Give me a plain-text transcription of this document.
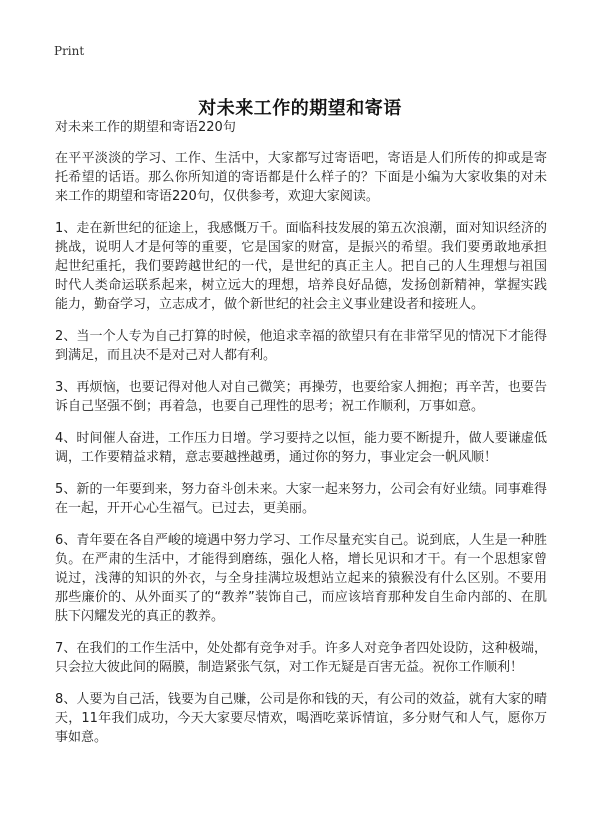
Print
对未来工作的期望和寄语

对未来工作的期望和寄语220句

在平平淡淡的学习、工作、生活中，大家都写过寄语吧，寄语是人们所传的抑或是寄托希望的话语。那么你所知道的寄语都是什么样子的？下面是小编为大家收集的对未来工作的期望和寄语220句，仅供参考，欢迎大家阅读。

1、走在新世纪的征途上，我感慨万千。面临科技发展的第五次浪潮，面对知识经济的挑战，说明人才是何等的重要，它是国家的财富，是振兴的希望。我们要勇敢地承担起世纪重托，我们要跨越世纪的一代，是世纪的真正主人。把自己的人生理想与祖国时代人类命运联系起来，树立远大的理想，培养良好品德，发扬创新精神，掌握实践能力，勤奋学习，立志成才，做个新世纪的社会主义事业建设者和接班人。

2、当一个人专为自己打算的时候，他追求幸福的欲望只有在非常罕见的情况下才能得到满足，而且决不是对己对人都有利。

3、再烦恼，也要记得对他人对自己微笑；再操劳，也要给家人拥抱；再辛苦，也要告诉自己坚强不倒；再着急，也要自己理性的思考；祝工作顺利，万事如意。

4、时间催人奋进，工作压力日增。学习要持之以恒，能力要不断提升，做人要谦虚低调，工作要精益求精，意志要越挫越勇，通过你的努力，事业定会一帆风顺！

5、新的一年要到来，努力奋斗创未来。大家一起来努力，公司会有好业绩。同事难得在一起，开开心心生福气。已过去，更美丽。

6、青年要在各自严峻的境遇中努力学习、工作尽量充实自己。说到底，人生是一种胜负。在严肃的生活中，才能得到磨练，强化人格，增长见识和才干。有一个思想家曾说过，浅薄的知识的外衣，与全身挂满垃圾想站立起来的猿猴没有什么区别。不要用那些廉价的、从外面买了的“教养”装饰自己，而应该培育那种发自生命内部的、在肌肤下闪耀发光的真正的教养。

7、在我们的工作生活中，处处都有竞争对手。许多人对竞争者四处设防，这种极端，只会拉大彼此间的隔膜，制造紧张气氛，对工作无疑是百害无益。祝你工作顺利！

8、人要为自己活，钱要为自己赚，公司是你和钱的天，有公司的效益，就有大家的晴天，11年我们成功，今天大家要尽情欢，喝酒吃菜诉情谊，多分财气和人气，愿你万事如意。
